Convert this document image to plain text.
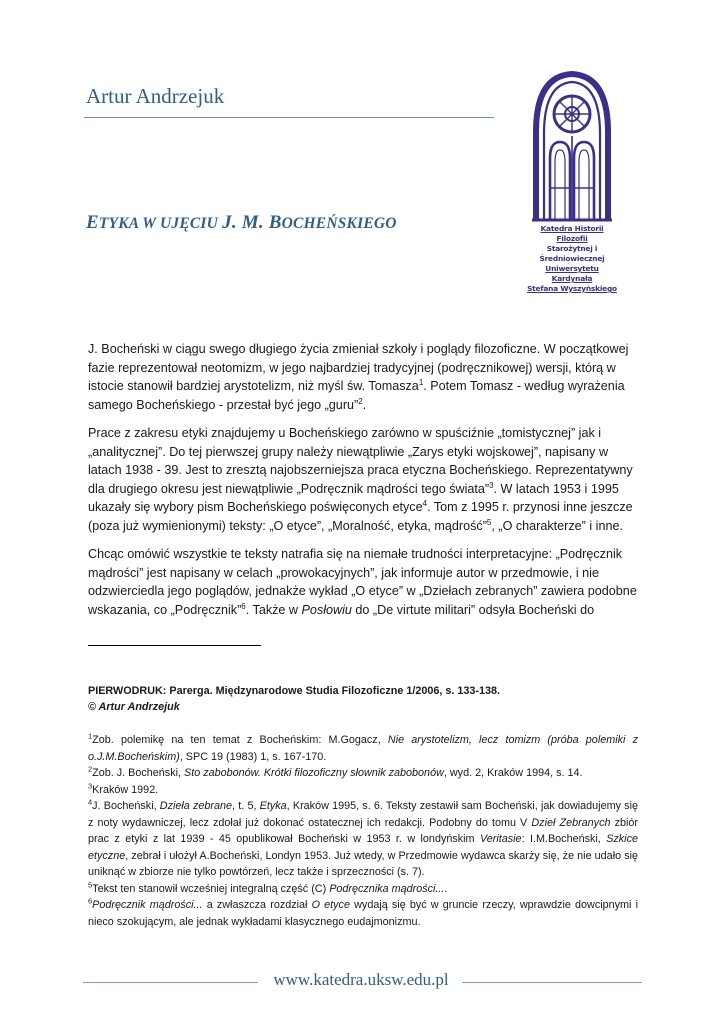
Artur Andrzejuk
ETYKA W UJĘCIU J. M. BOCHEŃSKIEGO	Katedra Historii Filozofii
Starożytnej i Średniowiecznej
Uniwersytetu Kardynała
Stefana Wyszyńskiego

J. Bocheński w ciągu swego długiego życia zmieniał szkoły i poglądy filozoficzne. W początkowej fazie reprezentował neotomizm, w jego najbardziej tradycyjnej (podręcznikowej) wersji, którą w istocie stanowił bardziej arystotelizm, niż myśl św. Tomasza$^1$. Potem Tomasz - według wyrażenia samego Bocheńskiego - przestał być jego „guru”$^2$.

Prace z zakresu etyki znajdujemy u Bocheńskiego zarówno w spuściźnie „tomistycznej” jak i „analitycznej”. Do tej pierwszej grupy należy niewątpliwie „Zarys etyki wojskowej”, napisany w latach 1938 - 39. Jest to zresztą najobszerniejsza praca etyczna Bocheńskiego. Reprezentatywny dla drugiego okresu jest niewątpliwie „Podręcznik mądrości tego świata”$^3$. W latach 1953 i 1995 ukazały się wybory pism Bocheńskiego poświęconych etyce$^4$. Tom z 1995 r. przynosi inne jeszcze (poza już wymienionymi) teksty: „O etyce”, „Moralność, etyka, mądrość”$^5$, „O charakterze” i inne.

Chcąc omówić wszystkie te teksty natrafia się na niemałe trudności interpretacyjne: „Podręcznik mądrości” jest napisany w celach „prowokacyjnych”, jak informuje autor w przedmowie, i nie odzwierciedla jego poglądów, jednakże wykład „O etyce” w „Dziełach zebranych” zawiera podobne wskazania, co „Podręcznik”$^6$. Także w Posłowiu do „De virtute militari” odsyła Bocheński do

PIERWODRUK: Parerga. Międzynarodowe Studia Filozoficzne 1/2006, s. 133-138.
© Artur Andrzejuk
$^1$Zob. polemikę na ten temat z Bocheńskim: M.Gogacz, Nie arystotelizm, lecz tomizm (próba polemiki z o.J.M.Bocheńskim), SPC 19 (1983) 1, s. 167-170.
$^2$Zob. J. Bocheński, Sto zabobonów. Krótki filozoficzny słownik zabobonów, wyd. 2, Kraków 1994, s. 14.
$^3$Kraków 1992.
$^4$J. Bocheński, Dzieła zebrane, t. 5, Etyka, Kraków 1995, s. 6. Teksty zestawił sam Bocheński, jak dowiadujemy się z noty wydawniczej, lecz zdołał już dokonać ostatecznej ich redakcji. Podobny do tomu V Dzieł Zebranych zbiór prac z etyki z lat 1939 - 45 opublikował Bocheński w 1953 r. w londyńskim Veritasie: I.M.Bocheński, Szkice etyczne, zebrał i ułożył A.Bocheński, Londyn 1953. Już wtedy, w Przedmowie wydawca skarży się, że nie udało się uniknąć w zbiorze nie tylko powtórzeń, lecz także i sprzeczności (s. 7).
$^5$Tekst ten stanowił wcześniej integralną część (C) Podręcznika mądrości....
$^6$Podręcznik mądrości... a zwłaszcza rozdział O etyce wydają się być w gruncie rzeczy, wprawdzie dowcipnymi i nieco szokującym, ale jednak wykładami klasycznego eudajmonizmu.
www.katedra.uksw.edu.pl
